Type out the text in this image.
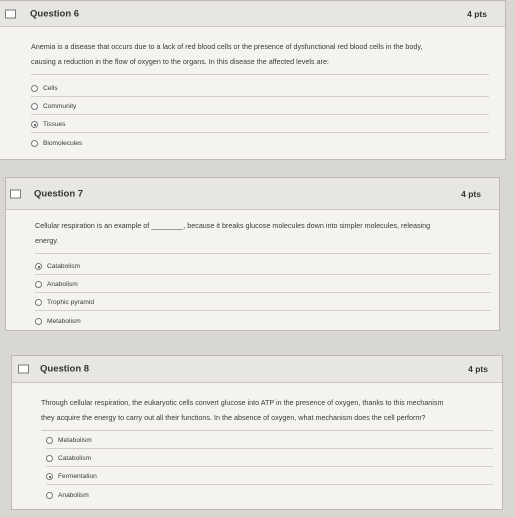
Question 6	4 pts
Anemia is a disease that occurs due to a lack of red blood cells or the presence of dysfunctional red blood cells in the body,
causing a reduction in the flow of oxygen to the organs. In this disease the affected levels are:
Cells
Community
Tissues
Biomolecules
Question 7	4 pts
Cellular respiration is an example of ________, because it breaks glucose molecules down into simpler molecules, releasing
energy.
Catabolism
Anabolism
Trophic pyramid
Metabolism
Question 8	4 pts
Through cellular respiration, the eukaryotic cells convert glucose into ATP in the presence of oxygen, thanks to this mechanism
they acquire the energy to carry out all their functions. In the absence of oxygen, what mechanism does the cell perform?
Metabolism
Catabolism
Fermentation
Anabolism
